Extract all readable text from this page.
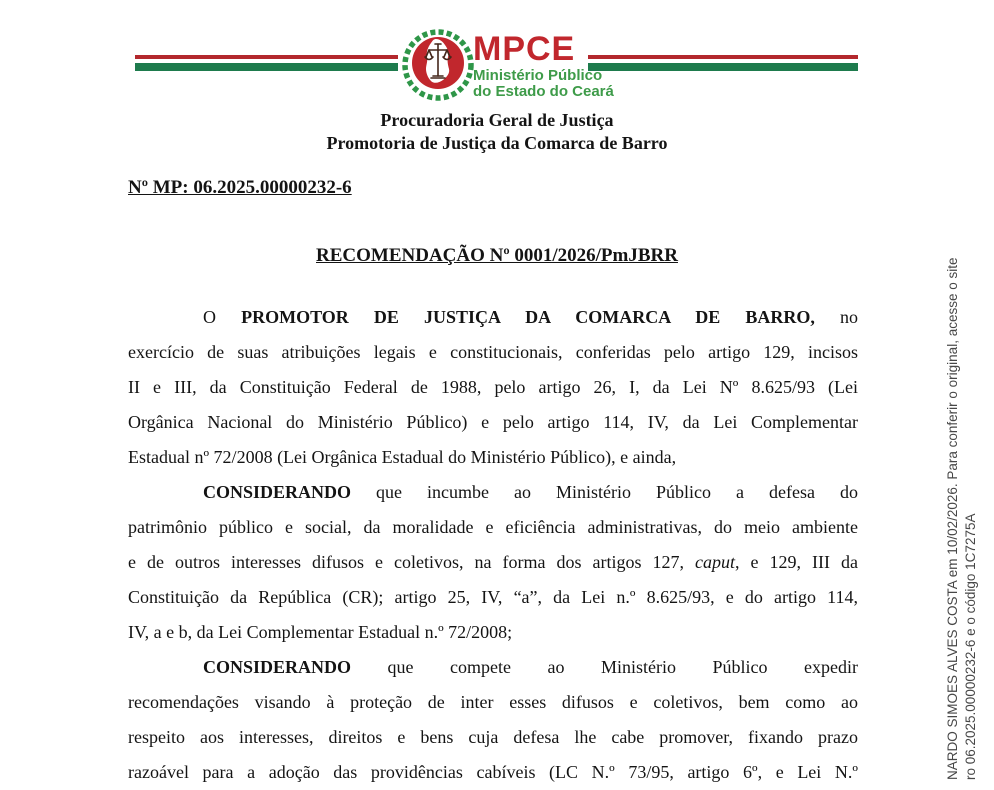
MPCE
Ministério Público
do Estado do Ceará
Procuradoria Geral de Justiça
Promotoria de Justiça da Comarca de Barro
Nº MP: 06.2025.00000232-6
RECOMENDAÇÃO Nº 0001/2026/PmJBRR
O PROMOTOR DE JUSTIÇA DA COMARCA DE BARRO, no
exercício de suas atribuições legais e constitucionais, conferidas pelo artigo 129, incisos
II e III, da Constituição Federal de 1988, pelo artigo 26, I, da Lei Nº 8.625/93 (Lei
Orgânica Nacional do Ministério Público) e pelo artigo 114, IV, da Lei Complementar
Estadual nº 72/2008 (Lei Orgânica Estadual do Ministério Público), e ainda,
CONSIDERANDO que incumbe ao Ministério Público a defesa do
patrimônio público e social, da moralidade e eficiência administrativas, do meio ambiente
e de outros interesses difusos e coletivos, na forma dos artigos 127, caput, e 129, III da
Constituição da República (CR); artigo 25, IV, “a”, da Lei n.º 8.625/93, e do artigo 114,
IV, a e b, da Lei Complementar Estadual n.º 72/2008;
CONSIDERANDO que compete ao Ministério Público expedir
recomendações visando à proteção de inter esses difusos e coletivos, bem como ao
respeito aos interesses, direitos e bens cuja defesa lhe cabe promover, fixando prazo
razoável para a adoção das providências cabíveis (LC N.º 73/95, artigo 6º, e Lei N.º	NARDO SIMOES ALVES COSTA em 10/02/2026. Para conferir o original, acesse o site ro 06.2025.00000232-6 e o código 1C7275A
